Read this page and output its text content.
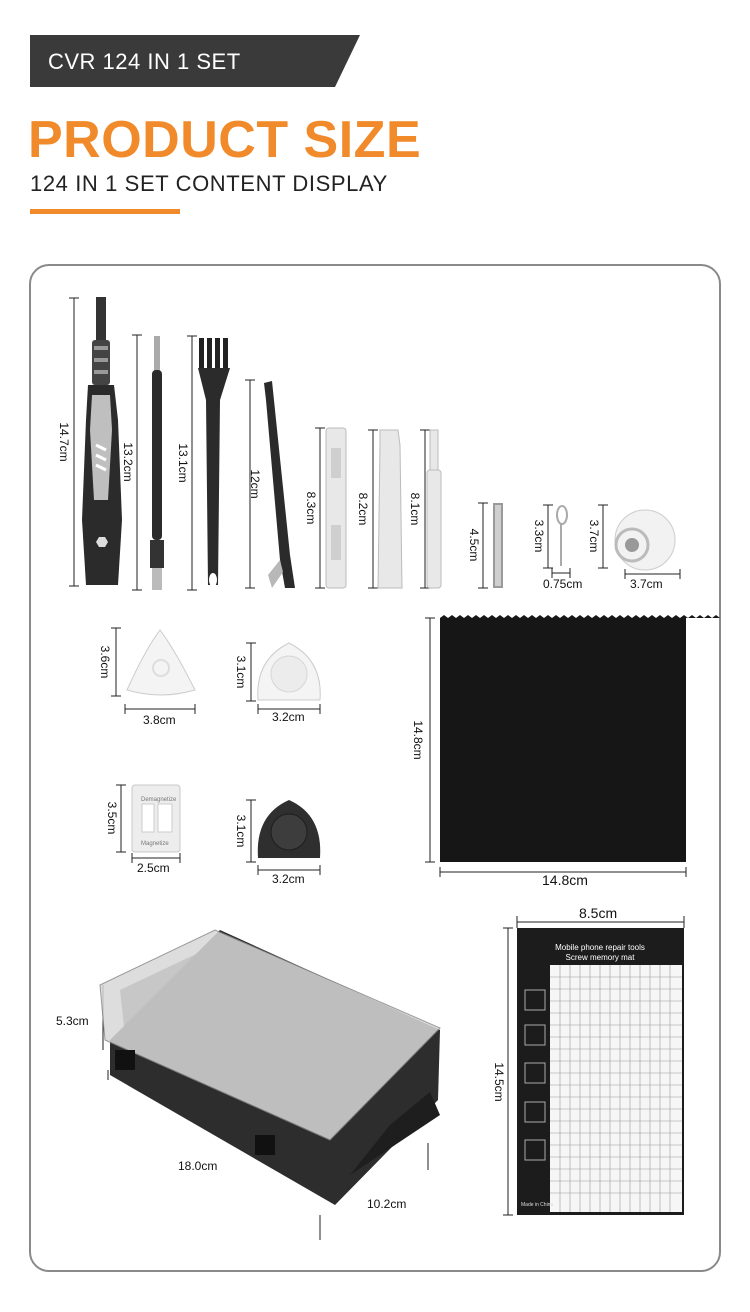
CVR 124 IN 1 SET
PRODUCT SIZE
124 IN 1 SET CONTENT DISPLAY
14.7cm
13.2cm	13.1cm
12cm
8.3cm	8.2cm	8.1cm
4.5cm	3.3cm
0.75cm
3.7cm
3.7cm
3.6cm
3.8cm
3.1cm
3.2cm
3.5cm
2.5cm
3.1cm
3.2cm
Demagnetize
Magnetize
14.8cm
14.8cm
8.5cm
14.5cm
Mobile phone repair tools
Screw memory mat
Made in China
5.3cm
18.0cm
10.2cm
